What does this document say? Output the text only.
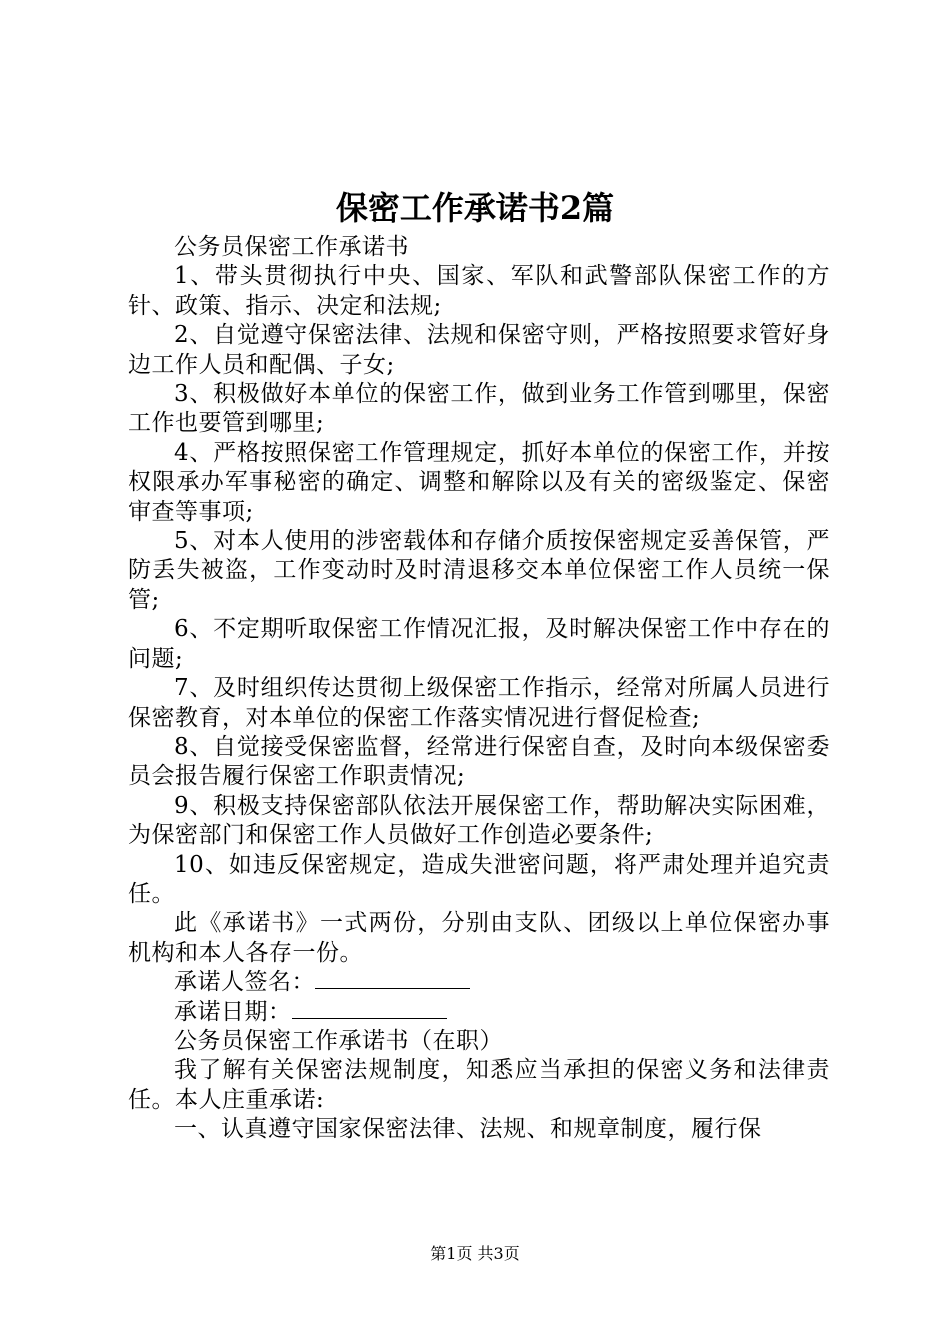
保密工作承诺书2篇

公务员保密工作承诺书

1、带头贯彻执行中央、国家、军队和武警部队保密工作的方针、政策、指示、决定和法规;

2、自觉遵守保密法律、法规和保密守则，严格按照要求管好身边工作人员和配偶、子女;

3、积极做好本单位的保密工作，做到业务工作管到哪里，保密工作也要管到哪里;

4、严格按照保密工作管理规定，抓好本单位的保密工作，并按权限承办军事秘密的确定、调整和解除以及有关的密级鉴定、保密审查等事项;

5、对本人使用的涉密载体和存储介质按保密规定妥善保管，严防丢失被盗，工作变动时及时清退移交本单位保密工作人员统一保管;

6、不定期听取保密工作情况汇报，及时解决保密工作中存在的问题;

7、及时组织传达贯彻上级保密工作指示，经常对所属人员进行保密教育，对本单位的保密工作落实情况进行督促检查;

8、自觉接受保密监督，经常进行保密自查，及时向本级保密委员会报告履行保密工作职责情况;

9、积极支持保密部队依法开展保密工作，帮助解决实际困难，为保密部门和保密工作人员做好工作创造必要条件;

10、如违反保密规定，造成失泄密问题，将严肃处理并追究责任。

此《承诺书》一式两份，分别由支队、团级以上单位保密办事机构和本人各存一份。

承诺人签名：

承诺日期：

公务员保密工作承诺书（在职）

我了解有关保密法规制度，知悉应当承担的保密义务和法律责任。本人庄重承诺:

一、认真遵守国家保密法律、法规、和规章制度，履行保

第1页 共3页
